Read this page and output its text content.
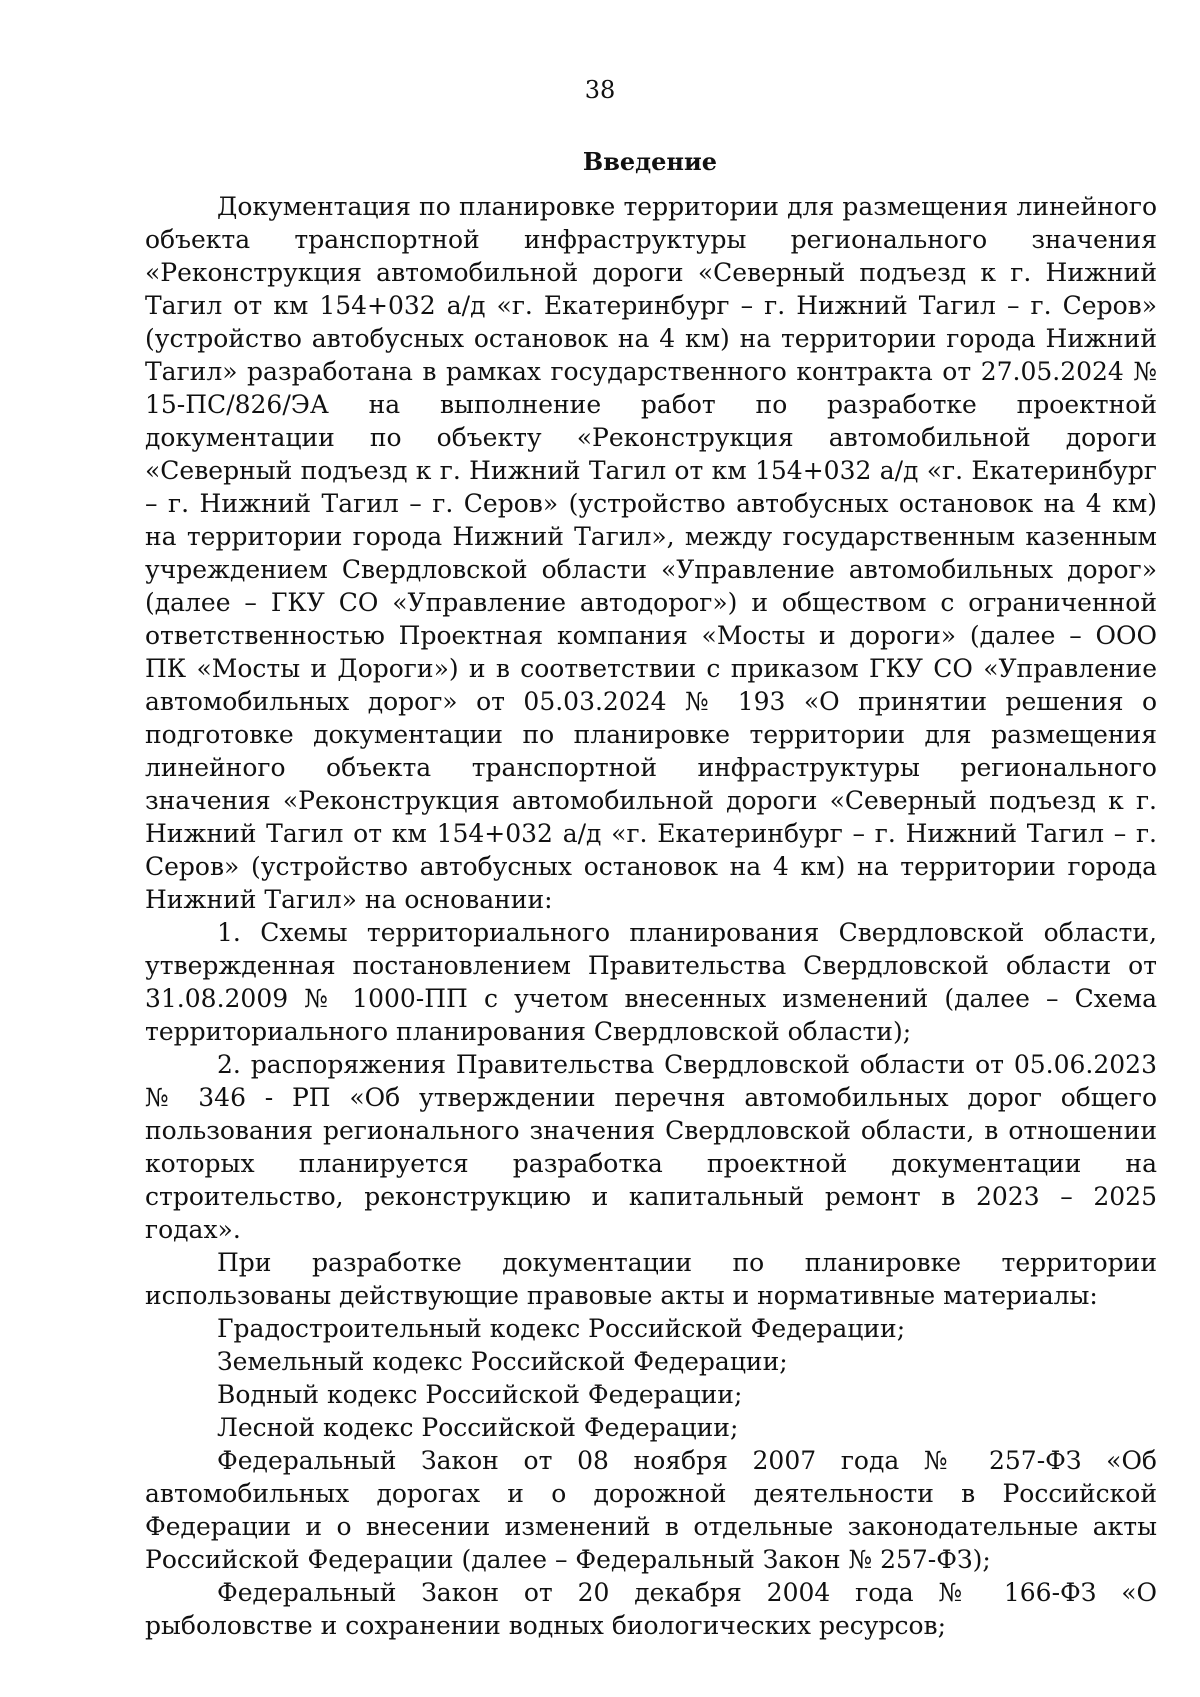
38
Введение

Документация по планировке территории для размещения линейного объекта транспортной инфраструктуры регионального значения «Реконструкция автомобильной дороги «Северный подъезд к г. Нижний Тагил от км 154+032 а/д «г. Екатеринбург – г. Нижний Тагил – г. Серов» (устройство автобусных остановок на 4 км) на территории города Нижний Тагил» разработана в рамках государственного контракта от 27.05.2024 № 15-ПС/826/ЭА на выполнение работ по разработке проектной документации по объекту «Реконструкция автомобильной дороги «Северный подъезд к г. Нижний Тагил от км 154+032 а/д «г. Екатеринбург – г. Нижний Тагил – г. Серов» (устройство автобусных остановок на 4 км) на территории города Нижний Тагил», между государственным казенным учреждением Свердловской области «Управление автомобильных дорог» (далее – ГКУ СО «Управление автодорог») и обществом с ограниченной ответственностью Проектная компания «Мосты и дороги» (далее – ООО ПК «Мосты и Дороги») и в соответствии с приказом ГКУ СО «Управление автомобильных дорог» от 05.03.2024 № 193 «О принятии решения о подготовке документации по планировке территории для размещения линейного объекта транспортной инфраструктуры регионального значения «Реконструкция автомобильной дороги «Северный подъезд к г. Нижний Тагил от км 154+032 а/д «г. Екатеринбург – г. Нижний Тагил – г. Серов» (устройство автобусных остановок на 4 км) на территории города Нижний Тагил» на основании:

1. Схемы территориального планирования Свердловской области, утвержденная постановлением Правительства Свердловской области от 31.08.2009 № 1000-ПП с учетом внесенных изменений (далее – Схема территориального планирования Свердловской области);

2. распоряжения Правительства Свердловской области от 05.06.2023 № 346 - РП «Об утверждении перечня автомобильных дорог общего пользования регионального значения Свердловской области, в отношении которых планируется разработка проектной документации на строительство, реконструкцию и капитальный ремонт в 2023 – 2025 годах».

При разработке документации по планировке территории использованы действующие правовые акты и нормативные материалы:

Градостроительный кодекс Российской Федерации;

Земельный кодекс Российской Федерации;

Водный кодекс Российской Федерации;

Лесной кодекс Российской Федерации;

Федеральный Закон от 08 ноября 2007 года № 257-ФЗ «Об автомобильных дорогах и о дорожной деятельности в Российской Федерации и о внесении изменений в отдельные законодательные акты Российской Федерации (далее – Федеральный Закон № 257-ФЗ);

Федеральный Закон от 20 декабря 2004 года № 166-ФЗ «О рыболовстве и сохранении водных биологических ресурсов;
